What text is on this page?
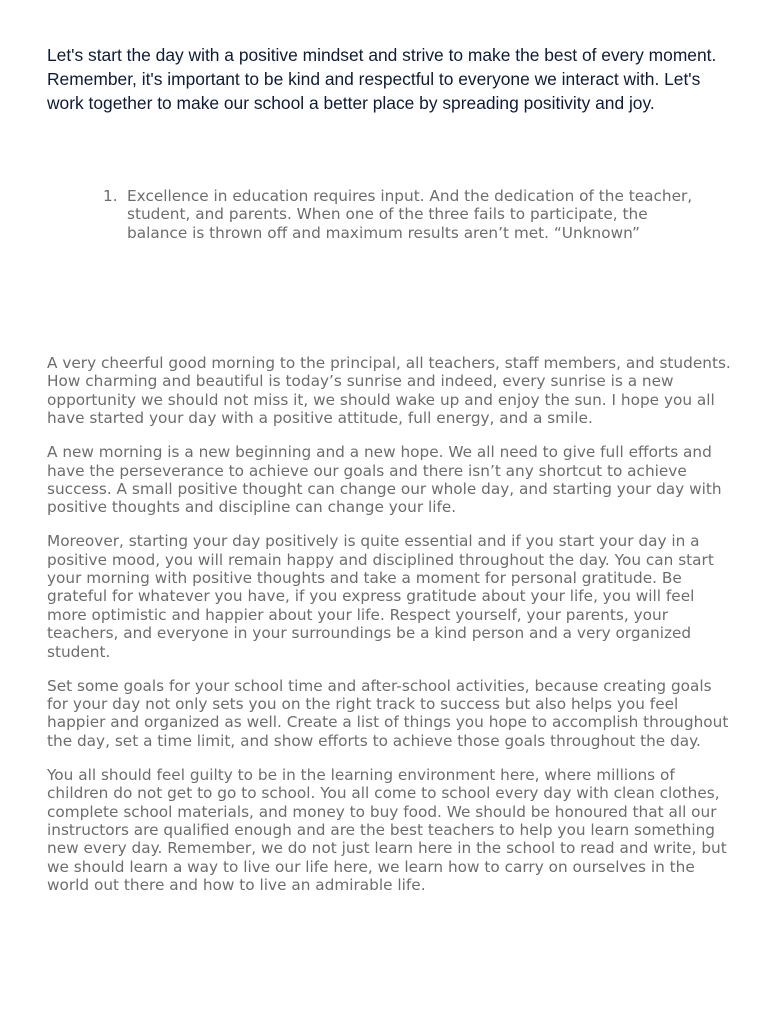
Let's start the day with a positive mindset and strive to make the best of every moment. Remember, it's important to be kind and respectful to everyone we interact with. Let's work together to make our school a better place by spreading positivity and joy.

1. Excellence in education requires input. And the dedication of the teacher, student, and parents. When one of the three fails to participate, the balance is thrown off and maximum results aren’t met. “Unknown”

A very cheerful good morning to the principal, all teachers, staff members, and students. How charming and beautiful is today’s sunrise and indeed, every sunrise is a new opportunity we should not miss it, we should wake up and enjoy the sun. I hope you all have started your day with a positive attitude, full energy, and a smile.

A new morning is a new beginning and a new hope. We all need to give full efforts and have the perseverance to achieve our goals and there isn’t any shortcut to achieve success. A small positive thought can change our whole day, and starting your day with positive thoughts and discipline can change your life.

Moreover, starting your day positively is quite essential and if you start your day in a positive mood, you will remain happy and disciplined throughout the day. You can start your morning with positive thoughts and take a moment for personal gratitude. Be grateful for whatever you have, if you express gratitude about your life, you will feel more optimistic and happier about your life. Respect yourself, your parents, your teachers, and everyone in your surroundings be a kind person and a very organized student.

Set some goals for your school time and after-school activities, because creating goals for your day not only sets you on the right track to success but also helps you feel happier and organized as well. Create a list of things you hope to accomplish throughout the day, set a time limit, and show efforts to achieve those goals throughout the day.

You all should feel guilty to be in the learning environment here, where millions of children do not get to go to school. You all come to school every day with clean clothes, complete school materials, and money to buy food. We should be honoured that all our instructors are qualified enough and are the best teachers to help you learn something new every day. Remember, we do not just learn here in the school to read and write, but we should learn a way to live our life here, we learn how to carry on ourselves in the world out there and how to live an admirable life.
